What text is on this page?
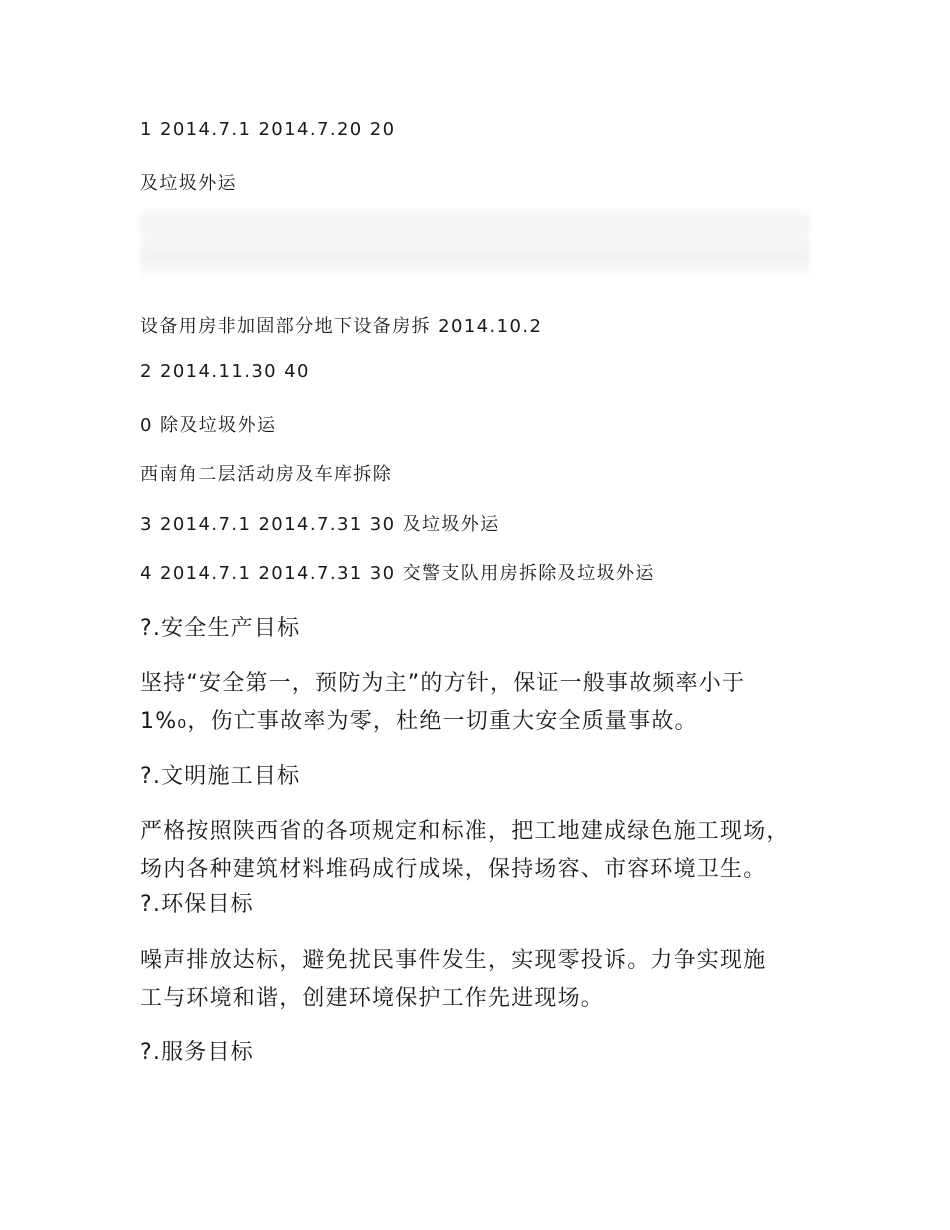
1 2014.7.1 2014.7.20 20
及垃圾外运
设备用房非加固部分地下设备房拆 2014.10.2
2 2014.11.30 40
0 除及垃圾外运
西南角二层活动房及车库拆除
3 2014.7.1 2014.7.31 30 及垃圾外运
4 2014.7.1 2014.7.31 30 交警支队用房拆除及垃圾外运
?.安全生产目标
坚持“安全第一，预防为主”的方针，保证一般事故频率小于
1%₀，伤亡事故率为零，杜绝一切重大安全质量事故。
?.文明施工目标
严格按照陕西省的各项规定和标准，把工地建成绿色施工现场，
场内各种建筑材料堆码成行成垛，保持场容、市容环境卫生。
?.环保目标
噪声排放达标，避免扰民事件发生，实现零投诉。力争实现施
工与环境和谐，创建环境保护工作先进现场。
?.服务目标
